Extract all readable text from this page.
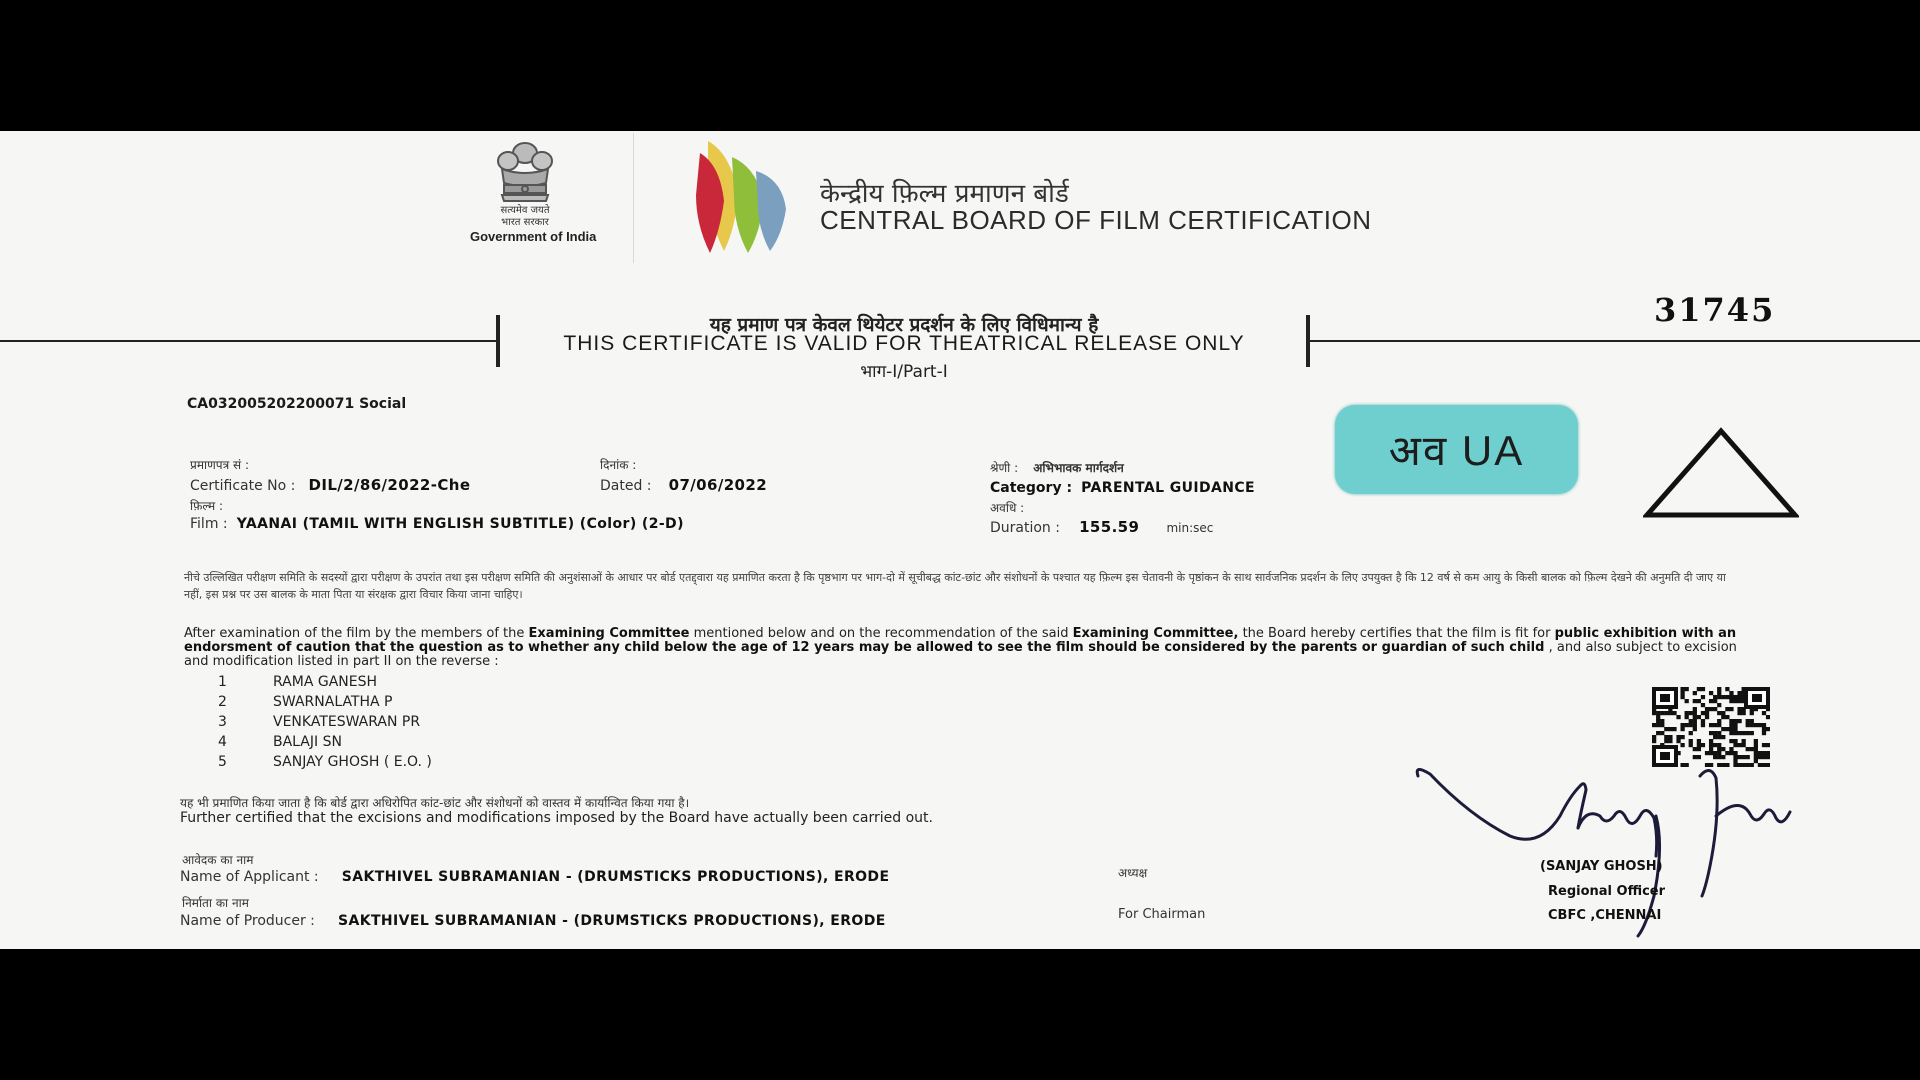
सत्यमेव जयते
भारत सरकार
Government of India
केन्द्रीय फ़िल्म प्रमाणन बोर्ड
CENTRAL BOARD OF FILM CERTIFICATION
31745
यह प्रमाण पत्र केवल थियेटर प्रदर्शन के लिए विधिमान्य है
THIS CERTIFICATE IS VALID FOR THEATRICAL RELEASE ONLY
भाग-I/Part-I
CA032005202200071 Social
प्रमाणपत्र सं :
Certificate No : DIL/2/86/2022-Che
दिनांक :
Dated : 07/06/2022
श्रेणी : अभिभावक मार्गदर्शन
Category : PARENTAL GUIDANCE
फ़िल्म :
Film : YAANAI (TAMIL WITH ENGLISH SUBTITLE) (Color) (2-D)
अवधि :
Duration : 155.59 min:sec
अव UA
नीचे उल्लिखित परीक्षण समिति के सदस्यों द्वारा परीक्षण के उपरांत तथा इस परीक्षण समिति की अनुशंसाओं के आधार पर बोर्ड एतद्द्वारा यह प्रमाणित करता है कि पृष्ठभाग पर भाग-दो में सूचीबद्ध कांट-छांट और संशोधनों के पश्चात यह फ़िल्म इस चेतावनी के पृष्ठांकन के साथ सार्वजनिक प्रदर्शन के लिए उपयुक्त है कि 12 वर्ष से कम आयु के किसी बालक को फ़िल्म देखने की अनुमति दी जाए या नहीं, इस प्रश्न पर उस बालक के माता पिता या संरक्षक द्वारा विचार किया जाना चाहिए।
After examination of the film by the members of the Examining Committee mentioned below and on the recommendation of the said Examining Committee, the Board hereby certifies that the film is fit for public exhibition with an endorsment of caution that the question as to whether any child below the age of 12 years may be allowed to see the film should be considered by the parents or guardian of such child , and also subject to excision and modification listed in part II on the reverse :
1	RAMA GANESH
2	SWARNALATHA P
3	VENKATESWARAN PR
4	BALAJI SN
5	SANJAY GHOSH ( E.O. )
यह भी प्रमाणित किया जाता है कि बोर्ड द्वारा अधिरोपित कांट-छांट और संशोधनों को वास्तव में कार्यान्वित किया गया है।
Further certified that the excisions and modifications imposed by the Board have actually been carried out.
आवेदक का नाम
Name of Applicant : SAKTHIVEL SUBRAMANIAN - (DRUMSTICKS PRODUCTIONS), ERODE
निर्माता का नाम
Name of Producer : SAKTHIVEL SUBRAMANIAN - (DRUMSTICKS PRODUCTIONS), ERODE
अध्यक्ष
For Chairman
(SANJAY GHOSH)
Regional Officer
CBFC ,CHENNAI
